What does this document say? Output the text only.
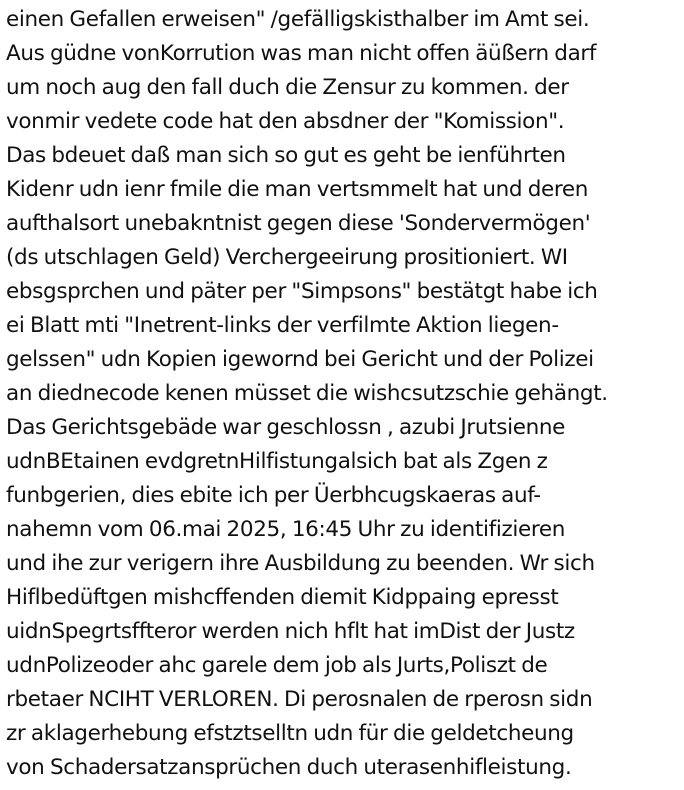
einen Gefallen erweisen" /gefälligskisthalber im Amt sei.
Aus güdne vonKorrution was man nicht offen äüßern darf
um noch aug den fall duch die Zensur zu kommen. der
vonmir vedete code hat den absdner der "Komission".
Das bdeuet daß man sich so gut es geht be ienführten
Kidenr udn ienr fmile die man vertsmmelt hat und deren
aufthalsort unebakntnist gegen diese 'Sondervermögen'
(ds utschlagen Geld) Verchergeeirung prositioniert. WI
ebsgsprchen und päter per "Simpsons" bestätgt habe ich
ei Blatt mti "Inetrent-links der verfilmte Aktion liegen-
gelssen" udn Kopien igewornd bei Gericht und der Polizei
an diednecode kenen müsset die wishcsutzschie gehängt.
Das Gerichtsgebäde war geschlossn , azubi Jrutsienne
udnBEtainen evdgretnHilfistungalsich bat als Zgen z
funbgerien, dies ebite ich per Üerbhcugskaeras auf-
nahemn vom 06.mai 2025, 16:45 Uhr zu identifizieren
und ihe zur verigern ihre Ausbildung zu beenden. Wr sich
Hiflbedüftgen mishcffenden diemit Kidppaing epresst
uidnSpegrtsffteror werden nich hflt hat imDist der Justz
udnPolizeoder ahc garele dem job als Jurts,Poliszt de
rbetaer NCIHT VERLOREN. Di perosnalen de rperosn sidn
zr aklagerhebung efstztselltn udn für die geldetcheung
von Schadersatzansprüchen duch uterasenhifleistung.
